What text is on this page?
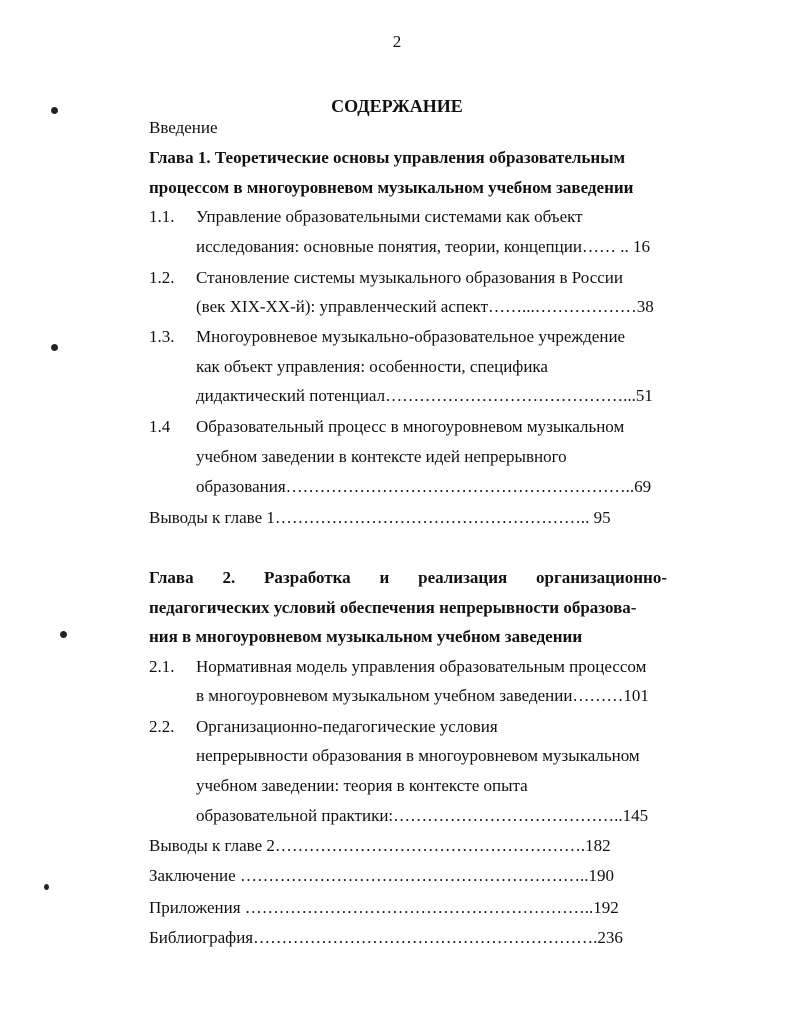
2
СОДЕРЖАНИЕ
Введение
Глава 1. Теоретические основы управления образовательным
процессом в многоуровневом музыкальном учебном заведении
1.1. Управление образовательными системами как объект
исследования: основные понятия, теории, концепции…… .. 16
1.2. Становление системы музыкального образования в России
(век XIX-XX-й): управленческий аспект……...………………38
1.3. Многоуровневое музыкально-образовательное учреждение
как объект управления: особенности, специфика
дидактический потенциал……………………………………...51
1.4 Образовательный процесс в многоуровневом музыкальном
учебном заведении в контексте идей непрерывного
образования……………………………………………………..69
Выводы к главе 1……………………………………………….. 95
Глава 2. Разработка и реализация организационно-
педагогических условий обеспечения непрерывности образова-
ния в многоуровневом музыкальном учебном заведении
2.1. Нормативная модель управления образовательным процессом
в многоуровневом музыкальном учебном заведении………101
2.2. Организационно-педагогические условия
непрерывности образования в многоуровневом музыкальном
учебном заведении: теория в контексте опыта
образовательной практики:…………………………………..145
Выводы к главе 2……………………………………………….182
Заключение ……………………………………………………..190
Приложения ……………………………………………………..192
Библиография…………………………………………………….236
